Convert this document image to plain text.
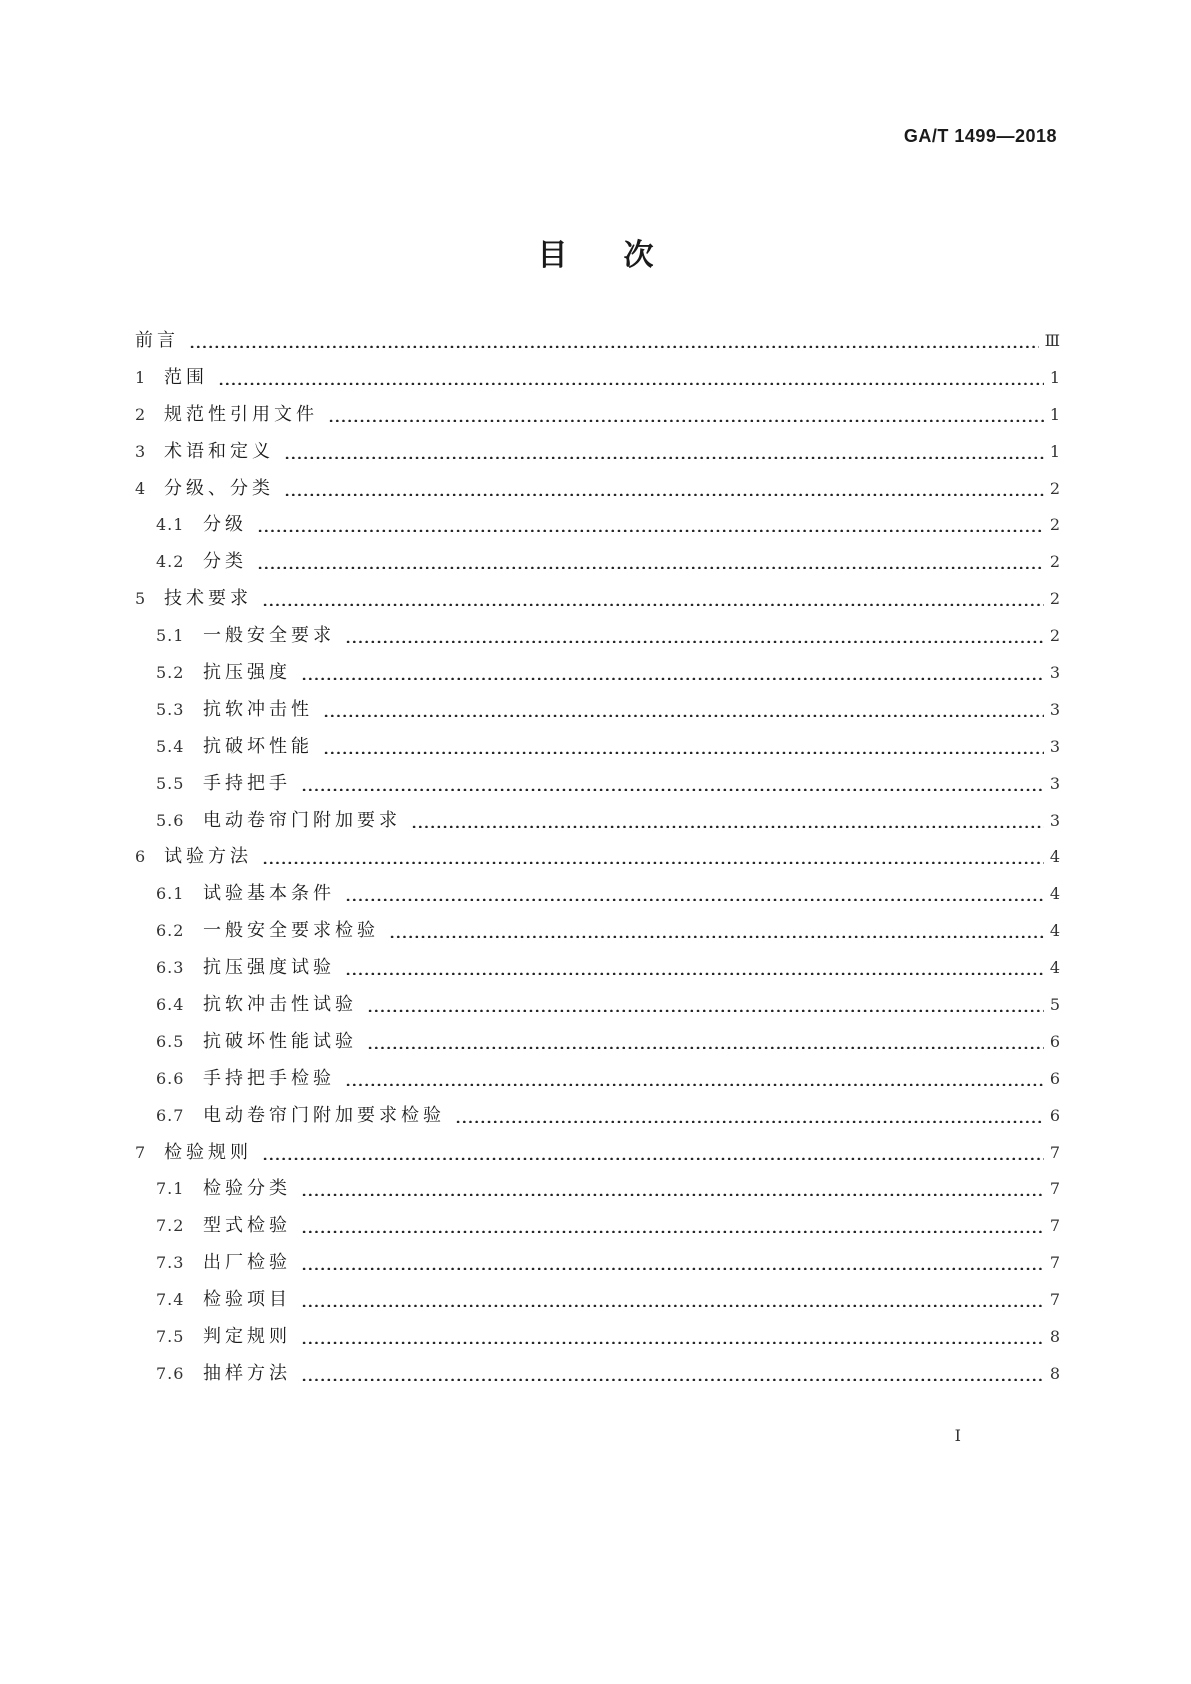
GA/T 1499—2018
目次
前言	Ⅲ
1 范围	1
2 规范性引用文件	1
3 术语和定义	1
4 分级、分类	2
4.1	分级	2
4.2	分类	2
5 技术要求	2
5.1	一般安全要求	2
5.2	抗压强度	3
5.3	抗软冲击性	3
5.4	抗破坏性能	3
5.5	手持把手	3
5.6	电动卷帘门附加要求	3
6 试验方法	4
6.1	试验基本条件	4
6.2	一般安全要求检验	4
6.3	抗压强度试验	4
6.4	抗软冲击性试验	5
6.5	抗破坏性能试验	6
6.6	手持把手检验	6
6.7	电动卷帘门附加要求检验	6
7 检验规则	7
7.1	检验分类	7
7.2	型式检验	7
7.3	出厂检验	7
7.4	检验项目	7
7.5	判定规则	8
7.6	抽样方法	8
I
